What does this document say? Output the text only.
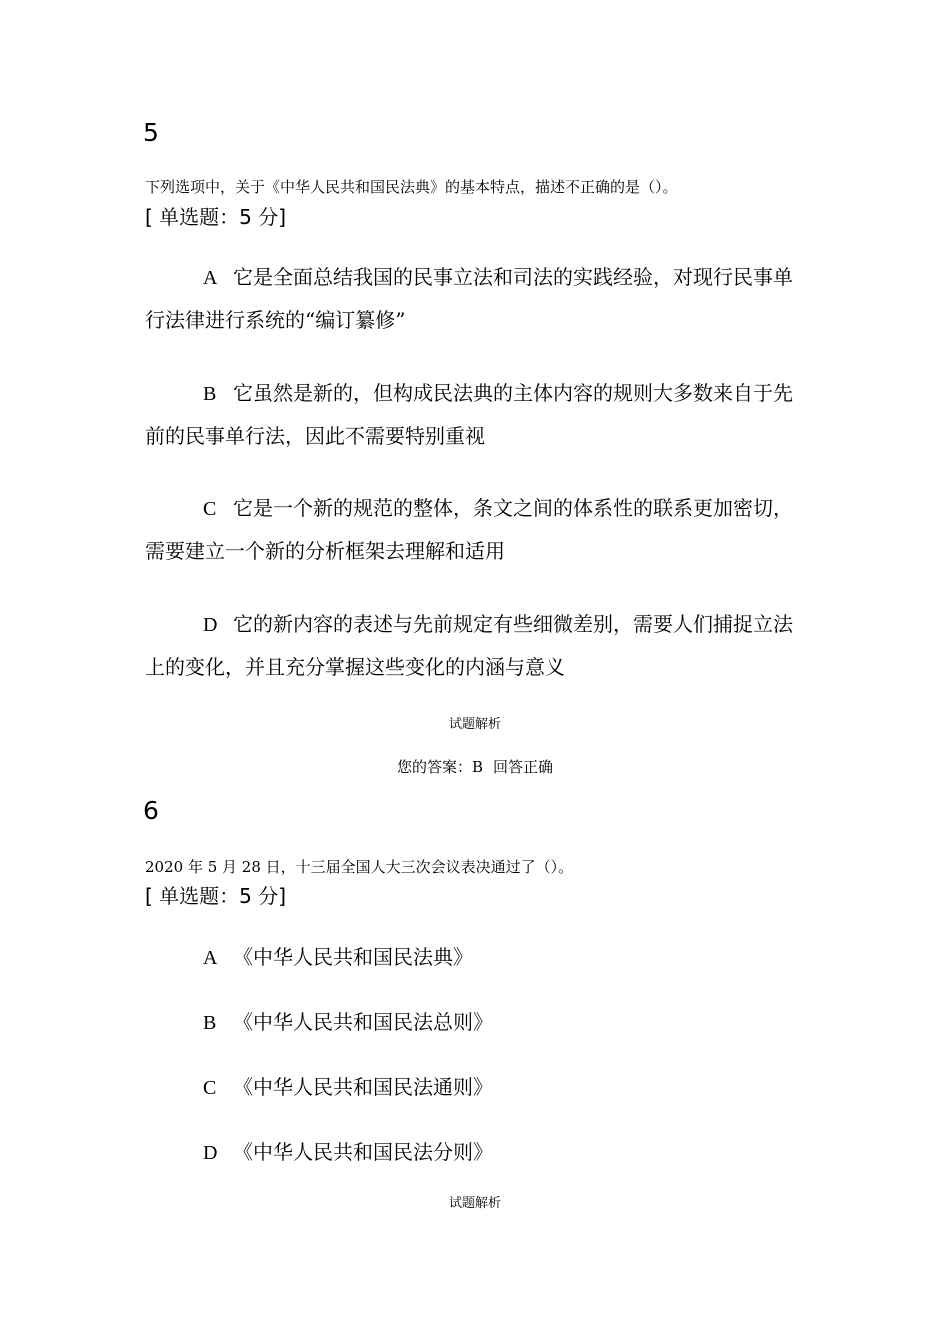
5
下列选项中，关于《中华人民共和国民法典》的基本特点，描述不正确的是（）。
[ 单选题：5 分]
A 它是全面总结我国的民事立法和司法的实践经验，对现行民事单行法律进行系统的“编订纂修”
B 它虽然是新的，但构成民法典的主体内容的规则大多数来自于先前的民事单行法，因此不需要特别重视
C 它是一个新的规范的整体，条文之间的体系性的联系更加密切，需要建立一个新的分析框架去理解和适用
D 它的新内容的表述与先前规定有些细微差别，需要人们捕捉立法上的变化，并且充分掌握这些变化的内涵与意义
试题解析
您的答案：B 回答正确
6
2020 年 5 月 28 日，十三届全国人大三次会议表决通过了（）。
[ 单选题：5 分]
A 《中华人民共和国民法典》
B 《中华人民共和国民法总则》
C 《中华人民共和国民法通则》
D 《中华人民共和国民法分则》
试题解析
